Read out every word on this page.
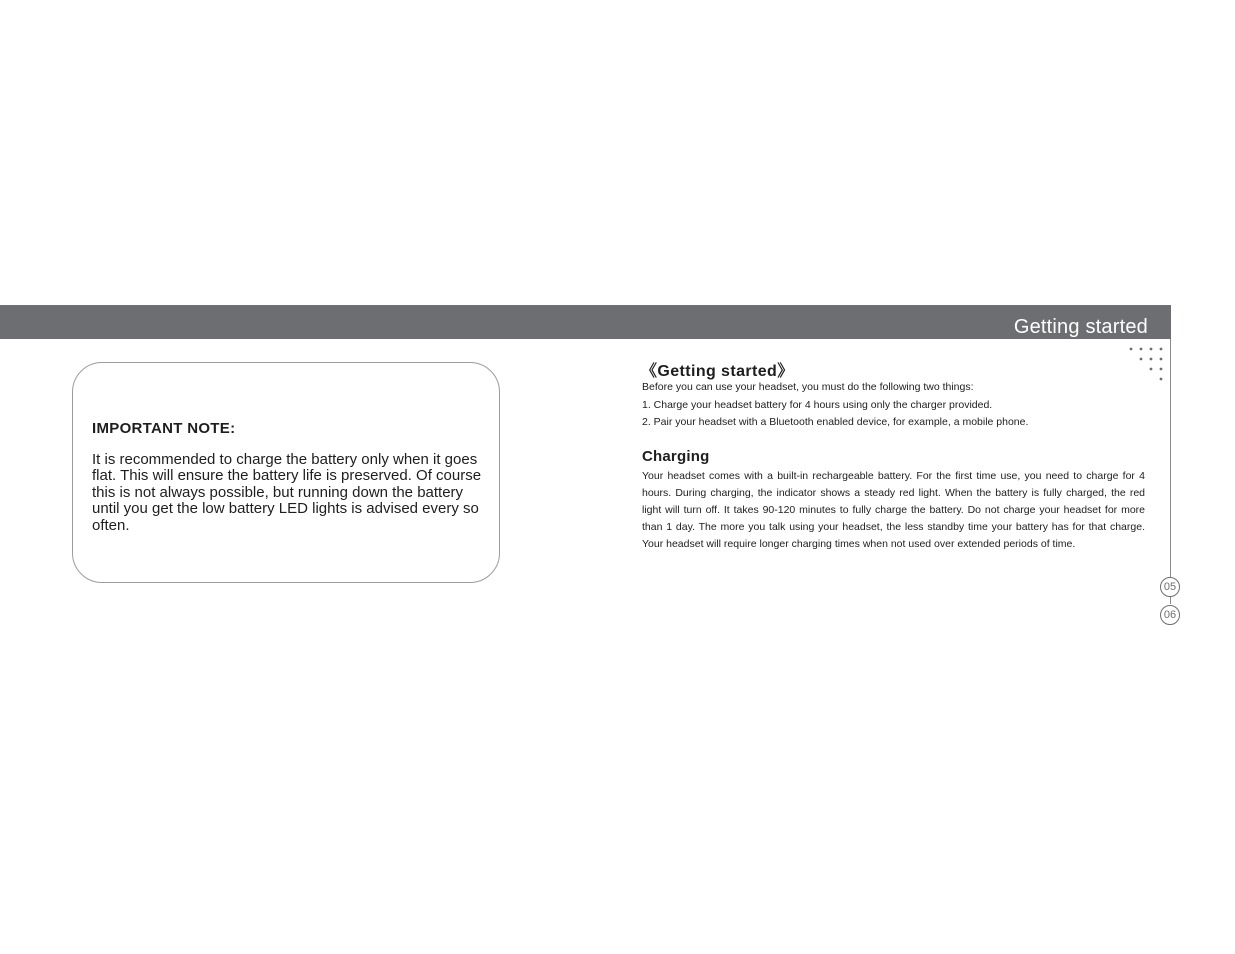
Getting started
IMPORTANT NOTE:
It is recommended to charge the battery only when it goes flat. This will ensure the battery life is preserved. Of course this is not always possible, but running down the battery until you get the low battery LED lights is advised every so often.
《Getting started》

Before you can use your headset, you must do the following two things:

1. Charge your headset battery for 4 hours using only the charger provided.

2. Pair your headset with a Bluetooth enabled device, for example, a mobile phone.

Charging
Your headset comes with a built-in rechargeable battery. For the first time use, you need to charge for 4 hours. During charging, the indicator shows a steady red light. When the battery is fully charged, the red light will turn off. It takes 90-120 minutes to fully charge the battery. Do not charge your headset for more than 1 day. The more you talk using your headset, the less standby time your battery has for that charge. Your headset will require longer charging times when not used over extended periods of time.
05
06
